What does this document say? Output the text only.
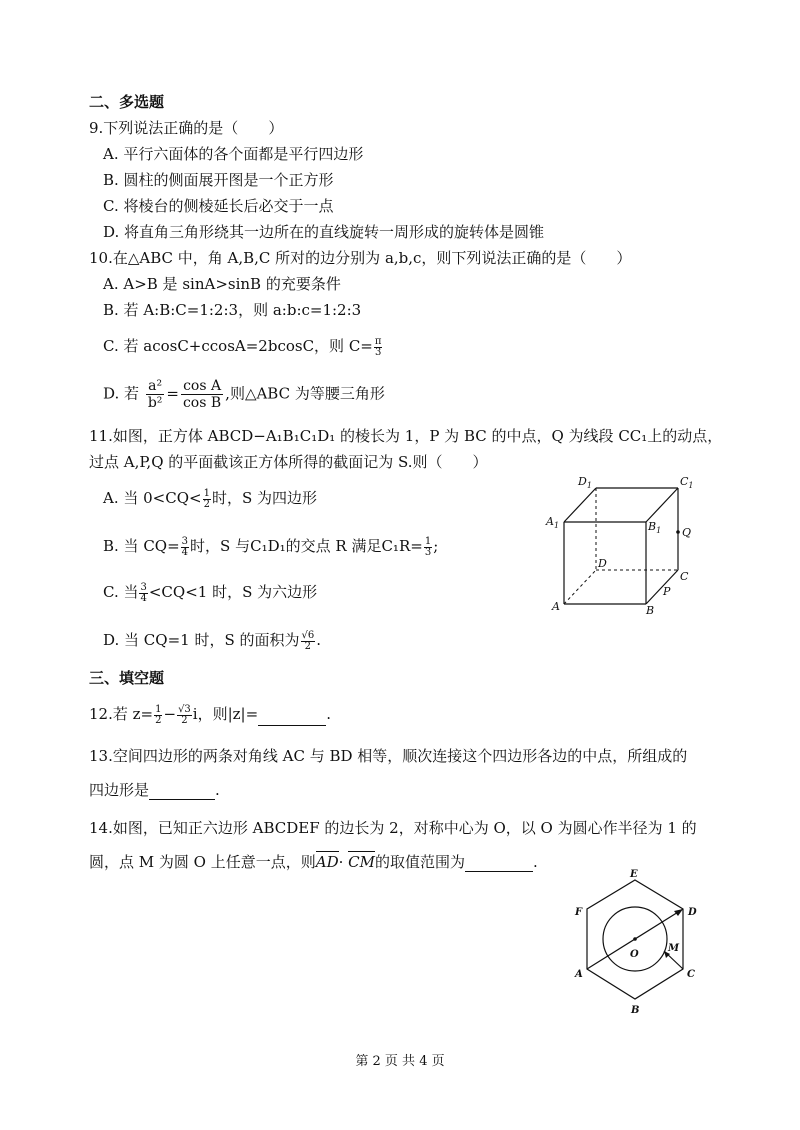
二、多选题
9.下列说法正确的是（　　）
A. 平行六面体的各个面都是平行四边形
B. 圆柱的侧面展开图是一个正方形
C. 将棱台的侧棱延长后必交于一点
D. 将直角三角形绕其一边所在的直线旋转一周形成的旋转体是圆锥
10.在△ABC 中，角 A,B,C 所对的边分别为 a,b,c，则下列说法正确的是（　　）
A. A>B 是 sinA>sinB 的充要条件
B. 若 A:B:C=1:2:3，则 a:b:c=1:2:3
C. 若 acosC+ccosA=2bcosC，则 $C= \frac{\pi}{3}$
D. 若 $\frac{\text{a²}}{\text{b²}} = \frac{\text{cos A}}{\text{cos B}}$ ,则△ABC 为等腰三角形
11.如图，正方体 ABCD−A₁B₁C₁D₁ 的棱长为 1，P 为 BC 的中点，Q 为线段 CC₁上的动点，
过点 A,P,Q 的平面截该正方体所得的截面记为 S.则（　　）
A. 当 $0<CQ< \frac{1}{2}$ 时，S 为四边形
B. 当 $CQ= \frac{3}{4}$ 时，S 与C₁D₁的交点 R 满足$C_1R= \frac{1}{3}$ ;
C. 当 $\frac{3}{4} <CQ<1$ 时，S 为六边形
D. 当 CQ=1 时，S 的面积为 $\frac{√6}{2}$ .
$D_1$	$C_1$
$A_1$	$B_1$ Q
D
C
P
A	B
三、填空题
12.若 $z= \frac{1}{2} - \frac{√3}{2}$ i，则|z|=	.
13.空间四边形的两条对角线 AC 与 BD 相等，顺次连接这个四边形各边的中点，所组成的
四边形是	.
14.如图，已知正六边形 ABCDEF 的边长为 2，对称中心为 O，以 O 为圆心作半径为 1 的
圆，点 M 为圆 O 上任意一点，则AD· CM的取值范围为	.
E
F	D
M
O
A	C
B
第 2 页 共 4 页
